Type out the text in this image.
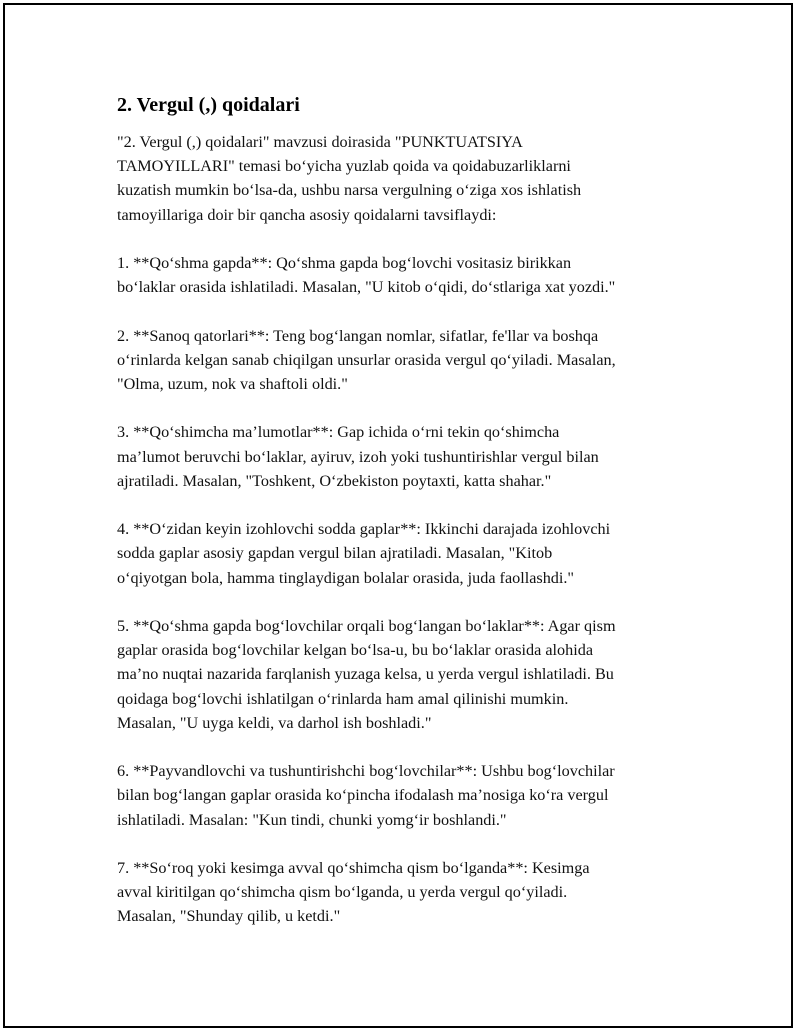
2. Vergul (,) qoidalari

"2. Vergul (,) qoidalari" mavzusi doirasida "PUNKTUATSIYA
TAMOYILLARI" temasi bo‘yicha yuzlab qoida va qoidabuzarliklarni
kuzatish mumkin bo‘lsa-da, ushbu narsa vergulning o‘ziga xos ishlatish
tamoyillariga doir bir qancha asosiy qoidalarni tavsiflaydi:

1. **Qo‘shma gapda**: Qo‘shma gapda bog‘lovchi vositasiz birikkan
bo‘laklar orasida ishlatiladi. Masalan, "U kitob o‘qidi, do‘stlariga xat yozdi."

2. **Sanoq qatorlari**: Teng bog‘langan nomlar, sifatlar, fe'llar va boshqa
o‘rinlarda kelgan sanab chiqilgan unsurlar orasida vergul qo‘yiladi. Masalan,
"Olma, uzum, nok va shaftoli oldi."

3. **Qo‘shimcha ma’lumotlar**: Gap ichida o‘rni tekin qo‘shimcha
ma’lumot beruvchi bo‘laklar, ayiruv, izoh yoki tushuntirishlar vergul bilan
ajratiladi. Masalan, "Toshkent, O‘zbekiston poytaxti, katta shahar."

4. **O‘zidan keyin izohlovchi sodda gaplar**: Ikkinchi darajada izohlovchi
sodda gaplar asosiy gapdan vergul bilan ajratiladi. Masalan, "Kitob
o‘qiyotgan bola, hamma tinglaydigan bolalar orasida, juda faollashdi."

5. **Qo‘shma gapda bog‘lovchilar orqali bog‘langan bo‘laklar**: Agar qism
gaplar orasida bog‘lovchilar kelgan bo‘lsa-u, bu bo‘laklar orasida alohida
ma’no nuqtai nazarida farqlanish yuzaga kelsa, u yerda vergul ishlatiladi. Bu
qoidaga bog‘lovchi ishlatilgan o‘rinlarda ham amal qilinishi mumkin.
Masalan, "U uyga keldi, va darhol ish boshladi."

6. **Payvandlovchi va tushuntirishchi bog‘lovchilar**: Ushbu bog‘lovchilar
bilan bog‘langan gaplar orasida ko‘pincha ifodalash ma’nosiga ko‘ra vergul
ishlatiladi. Masalan: "Kun tindi, chunki yomg‘ir boshlandi."

7. **So‘roq yoki kesimga avval qo‘shimcha qism bo‘lganda**: Kesimga
avval kiritilgan qo‘shimcha qism bo‘lganda, u yerda vergul qo‘yiladi.
Masalan, "Shunday qilib, u ketdi."
